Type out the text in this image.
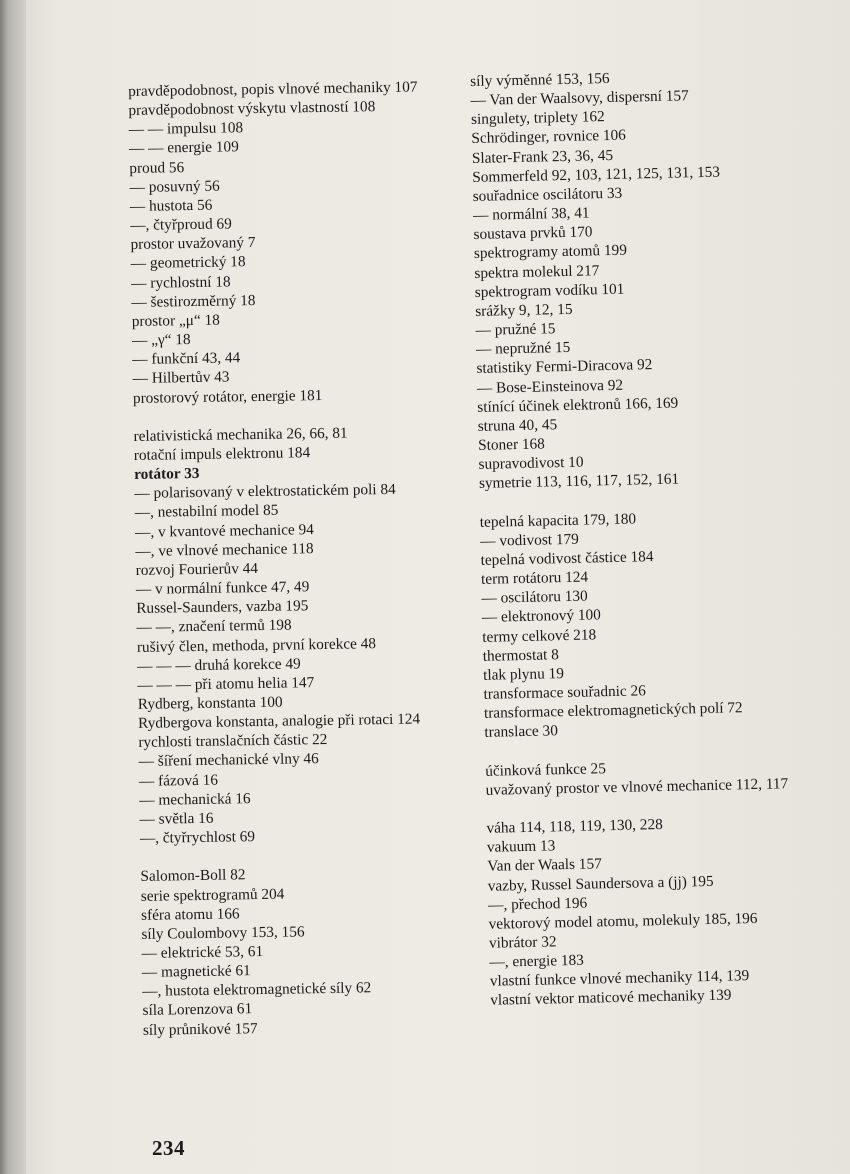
pravděpodobnost, popis vlnové mechaniky 107
pravděpodobnost výskytu vlastností 108
— — impulsu 108
— — energie 109
proud 56
— posuvný 56
— hustota 56
—, čtyřproud 69
prostor uvažovaný 7
— geometrický 18
— rychlostní 18
— šestirozměrný 18
prostor „μ“ 18
— „γ“ 18
— funkční 43, 44
— Hilbertův 43
prostorový rotátor, energie 181
relativistická mechanika 26, 66, 81
rotační impuls elektronu 184
rotátor 33
— polarisovaný v elektrostatickém poli 84
—, nestabilní model 85
—, v kvantové mechanice 94
—, ve vlnové mechanice 118
rozvoj Fourierův 44
— v normální funkce 47, 49
Russel-Saunders, vazba 195
— —, značení termů 198
rušivý člen, methoda, první korekce 48
— — — druhá korekce 49
— — — při atomu helia 147
Rydberg, konstanta 100
Rydbergova konstanta, analogie při rotaci 124
rychlosti translačních částic 22
— šíření mechanické vlny 46
— fázová 16
— mechanická 16
— světla 16
—, čtyřrychlost 69
Salomon-Boll 82
serie spektrogramů 204
sféra atomu 166
síly Coulombovy 153, 156
— elektrické 53, 61
— magnetické 61
—, hustota elektromagnetické síly 62
síla Lorenzova 61
síly průnikové 157
síly výměnné 153, 156
— Van der Waalsovy, dispersní 157
singulety, triplety 162
Schrödinger, rovnice 106
Slater-Frank 23, 36, 45
Sommerfeld 92, 103, 121, 125, 131, 153
souřadnice oscilátoru 33
— normální 38, 41
soustava prvků 170
spektrogramy atomů 199
spektra molekul 217
spektrogram vodíku 101
srážky 9, 12, 15
— pružné 15
— nepružné 15
statistiky Fermi-Diracova 92
— Bose-Einsteinova 92
stínící účinek elektronů 166, 169
struna 40, 45
Stoner 168
supravodivost 10
symetrie 113, 116, 117, 152, 161
tepelná kapacita 179, 180
— vodivost 179
tepelná vodivost částice 184
term rotátoru 124
— oscilátoru 130
— elektronový 100
termy celkové 218
thermostat 8
tlak plynu 19
transformace souřadnic 26
transformace elektromagnetických polí 72
translace 30
účinková funkce 25
uvažovaný prostor ve vlnové mechanice 112, 117
váha 114, 118, 119, 130, 228
vakuum 13
Van der Waals 157
vazby, Russel Saundersova a (jj) 195
—, přechod 196
vektorový model atomu, molekuly 185, 196
vibrátor 32
—, energie 183
vlastní funkce vlnové mechaniky 114, 139
vlastní vektor maticové mechaniky 139
234
